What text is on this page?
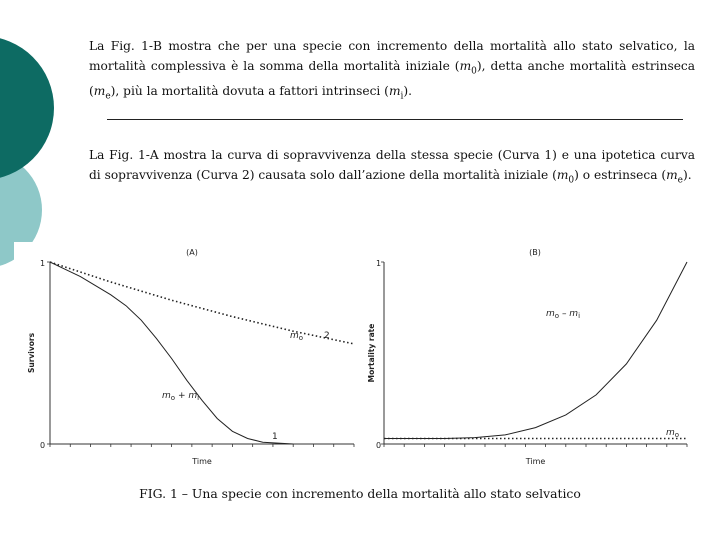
La Fig. 1-B mostra che per una specie con incremento della mortalità allo stato selvatico, la mortalità complessiva è la somma della mortalità iniziale $(m_0)$, detta anche mortalità estrinseca $(m_e)$, più la mortalità dovuta a fattori intrinseci $(m_i)$.
La Fig. 1-A mostra la curva di sopravvivenza della stessa specie (Curva 1) e una ipotetica curva di sopravvivenza (Curva 2) causata solo dall’azione della mortalità iniziale $(m_0)$ o estrinseca $(m_e)$.
1
0
(A)
Time
Survivors
1
2
$m_o$
$m_o + m_i$
1
0
(B)
Time
Mortality rate
$m_o - m_i$
$m_o$
FIG. 1 – Una specie con incremento della mortalità allo stato selvatico
